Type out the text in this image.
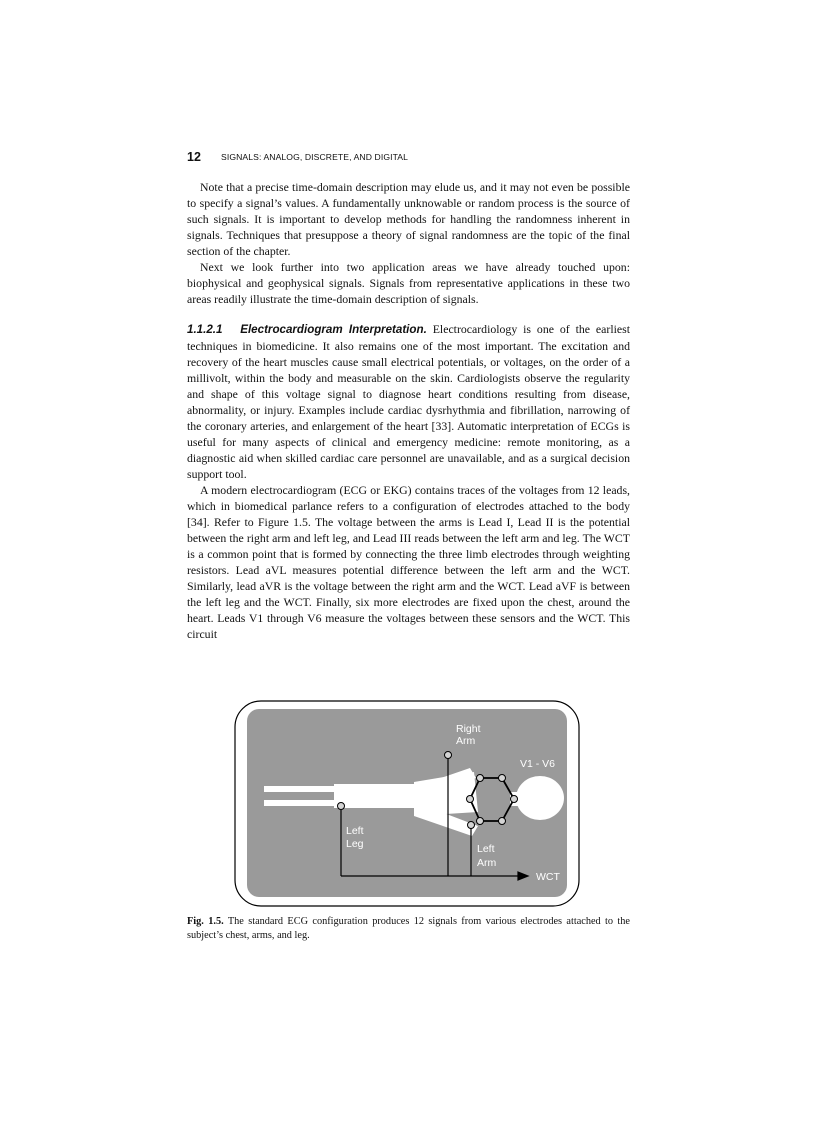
12 SIGNALS: ANALOG, DISCRETE, AND DIGITAL

Note that a precise time-domain description may elude us, and it may not even be possible to specify a signal’s values. A fundamentally unknowable or random process is the source of such signals. It is important to develop methods for handling the randomness inherent in signals. Techniques that presuppose a theory of signal randomness are the topic of the final section of the chapter.

Next we look further into two application areas we have already touched upon: biophysical and geophysical signals. Signals from representative applications in these two areas readily illustrate the time-domain description of signals.

1.1.2.1 Electrocardiogram Interpretation. Electrocardiology is one of the earliest techniques in biomedicine. It also remains one of the most important. The excitation and recovery of the heart muscles cause small electrical potentials, or voltages, on the order of a millivolt, within the body and measurable on the skin. Cardiologists observe the regularity and shape of this voltage signal to diagnose heart conditions resulting from disease, abnormality, or injury. Examples include cardiac dysrhythmia and fibrillation, narrowing of the coronary arteries, and enlargement of the heart [33]. Automatic interpretation of ECGs is useful for many aspects of clinical and emergency medicine: remote monitoring, as a diagnostic aid when skilled cardiac care personnel are unavailable, and as a surgical decision support tool.

A modern electrocardiogram (ECG or EKG) contains traces of the voltages from 12 leads, which in biomedical parlance refers to a configuration of electrodes attached to the body [34]. Refer to Figure 1.5. The voltage between the arms is Lead I, Lead II is the potential between the right arm and left leg, and Lead III reads between the left arm and leg. The WCT is a common point that is formed by connecting the three limb electrodes through weighting resistors. Lead aVL measures potential difference between the left arm and the WCT. Similarly, lead aVR is the voltage between the right arm and the WCT. Lead aVF is between the left leg and the WCT. Finally, six more electrodes are fixed upon the chest, around the heart. Leads V1 through V6 measure the voltages between these sensors and the WCT. This circuit

Right
Arm
V1 - V6
Left
Leg	Left
Arm
WCT
Fig. 1.5. The standard ECG configuration produces 12 signals from various electrodes attached to the subject’s chest, arms, and leg.
